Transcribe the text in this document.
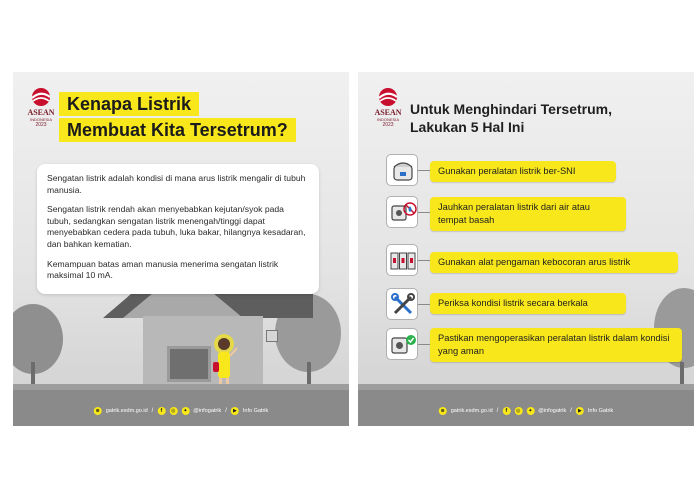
ASEAN
INDONESIA
2023
Kenapa Listrik
Membuat Kita Tersetrum?

Sengatan listrik adalah kondisi di mana arus listrik mengalir di tubuh manusia.

Sengatan listrik rendah akan menyebabkan kejutan/syok pada tubuh, sedangkan sengatan listrik menengah/tinggi dapat menyebabkan cedera pada tubuh, luka bakar, hilangnya kesadaran, dan bahkan kematian.

Kemampuan batas aman manusia menerima sengatan listrik maksimal 10 mA.

⊕	gatrik.esdm.go.id /	f	◎	✦	@infogatrik /	▶	Info Gatrik
ASEAN
INDONESIA
2023
Untuk Menghindari Tersetrum,
Lakukan 5 Hal Ini
Gunakan peralatan listrik ber-SNI
Jauhkan peralatan listrik dari air atau tempat basah
Gunakan alat pengaman kebocoran arus listrik
Periksa kondisi listrik secara berkala
Pastikan mengoperasikan peralatan listrik dalam kondisi yang aman
⊕	gatrik.esdm.go.id /	f	◎	✦	@infogatrik /	▶	Info Gatrik
